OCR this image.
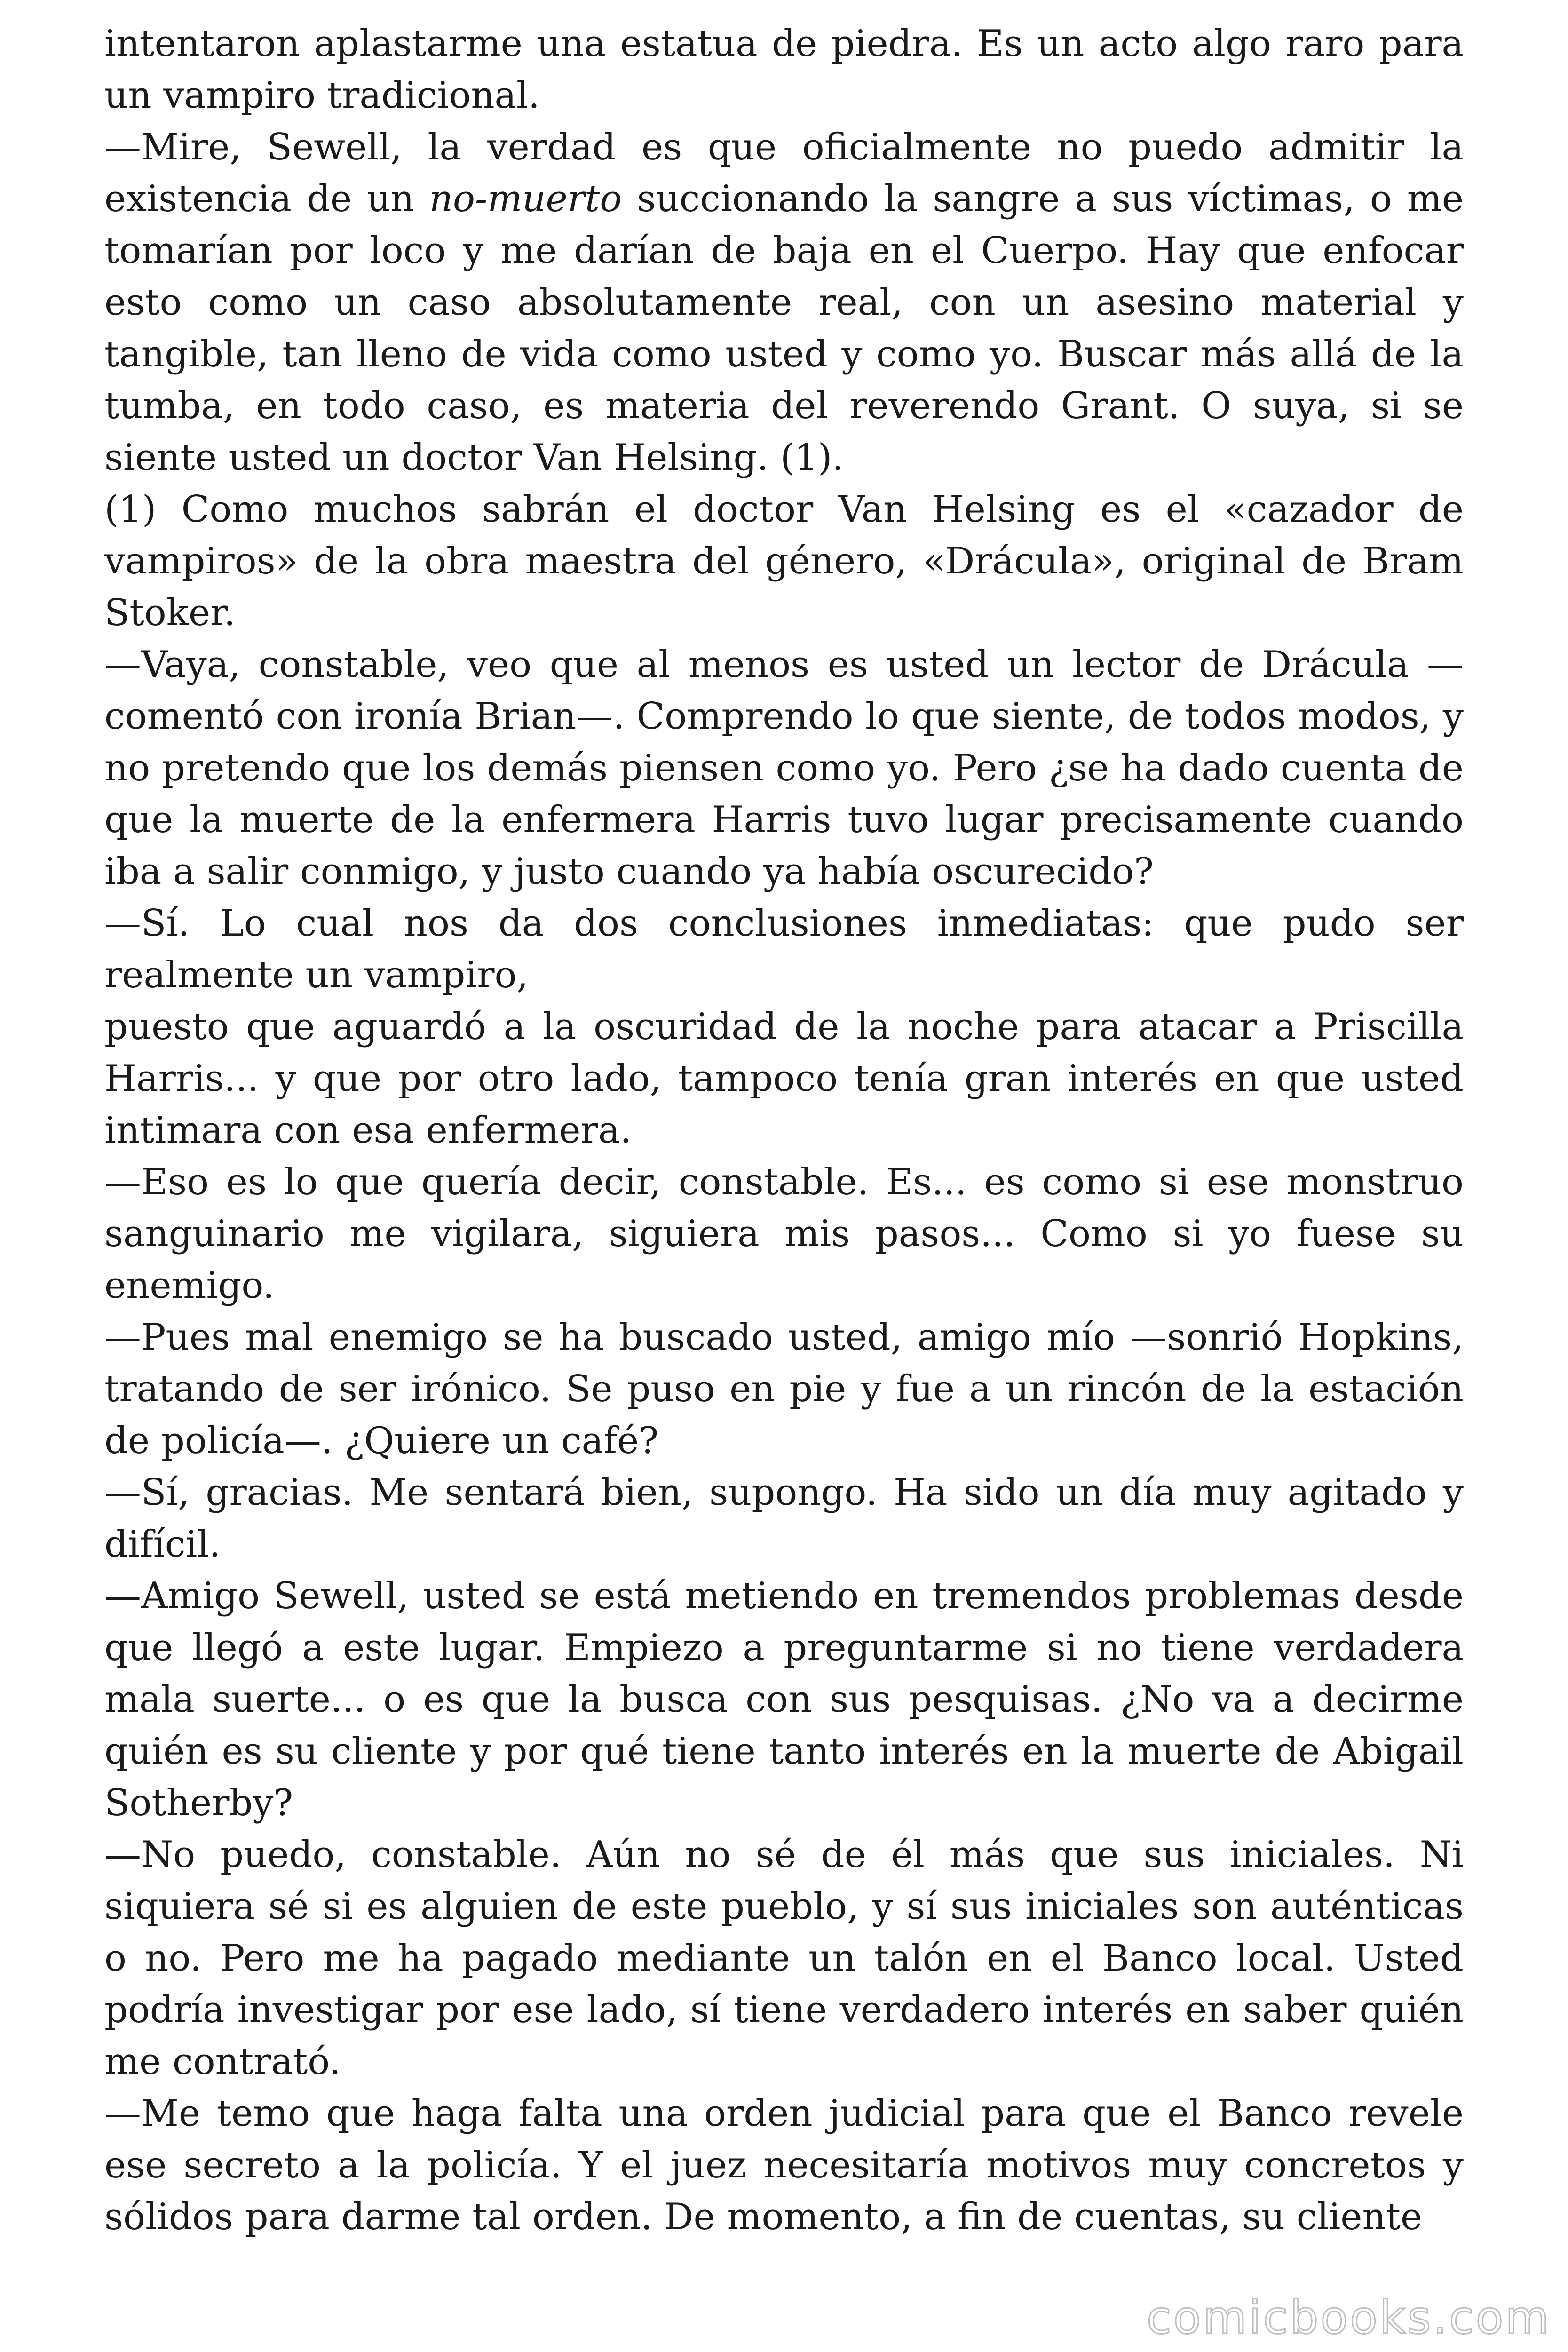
intentaron aplastarme una estatua de piedra. Es un acto algo raro para un vampiro tradicional.

—Mire, Sewell, la verdad es que oficialmente no puedo admitir la existencia de un no-muerto succionando la sangre a sus víctimas, o me tomarían por loco y me darían de baja en el Cuerpo. Hay que enfocar esto como un caso absolutamente real, con un asesino material y tangible, tan lleno de vida como usted y como yo. Buscar más allá de la tumba, en todo caso, es materia del reverendo Grant. O suya, si se siente usted un doctor Van Helsing. (1).

(1) Como muchos sabrán el doctor Van Helsing es el «cazador de vampiros» de la obra maestra del género, «Drácula», original de Bram Stoker.

—Vaya, constable, veo que al menos es usted un lector de Drácula —comentó con ironía Brian—. Comprendo lo que siente, de todos modos, y no pretendo que los demás piensen como yo. Pero ¿se ha dado cuenta de que la muerte de la enfermera Harris tuvo lugar precisamente cuando iba a salir conmigo, y justo cuando ya había oscurecido?

—Sí. Lo cual nos da dos conclusiones inmediatas: que pudo ser realmente un vampiro,

puesto que aguardó a la oscuridad de la noche para atacar a Priscilla Harris... y que por otro lado, tampoco tenía gran interés en que usted intimara con esa enfermera.

—Eso es lo que quería decir, constable. Es... es como si ese monstruo sanguinario me vigilara, siguiera mis pasos... Como si yo fuese su enemigo.

—Pues mal enemigo se ha buscado usted, amigo mío —sonrió Hopkins, tratando de ser irónico. Se puso en pie y fue a un rincón de la estación de policía—. ¿Quiere un café?

—Sí, gracias. Me sentará bien, supongo. Ha sido un día muy agitado y difícil.

—Amigo Sewell, usted se está metiendo en tremendos problemas desde que llegó a este lugar. Empiezo a preguntarme si no tiene verdadera mala suerte... o es que la busca con sus pesquisas. ¿No va a decirme quién es su cliente y por qué tiene tanto interés en la muerte de Abigail Sotherby?

—No puedo, constable. Aún no sé de él más que sus iniciales. Ni siquiera sé si es alguien de este pueblo, y sí sus iniciales son auténticas o no. Pero me ha pagado mediante un talón en el Banco local. Usted podría investigar por ese lado, sí tiene verdadero interés en saber quién me contrató.

—Me temo que haga falta una orden judicial para que el Banco revele ese secreto a la policía. Y el juez necesitaría motivos muy concretos y sólidos para darme tal orden. De momento, a fin de cuentas, su cliente

comicbooks.com
